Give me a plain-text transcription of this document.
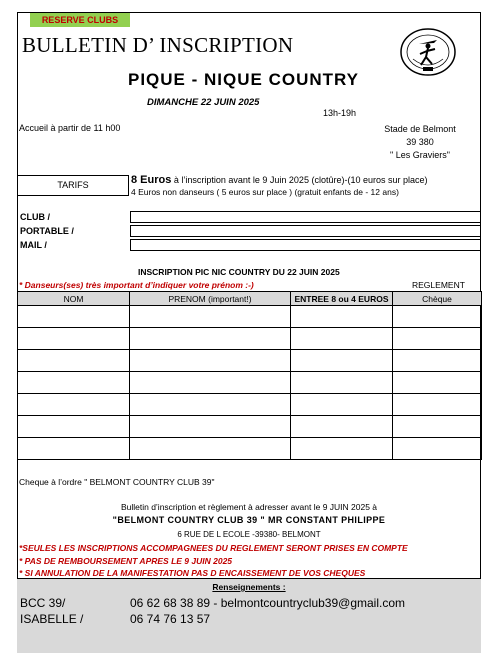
RESERVE CLUBS
BULLETIN D’ INSCRIPTION
PIQUE - NIQUE COUNTRY
DIMANCHE 22 JUIN 2025
13h-19h
Accueil à partir de 11 h00	Stade de Belmont
39 380
" Les Graviers"
TARIFS	8 Euros à l’inscription avant le 9 Juin 2025 (clotûre)-(10 euros sur place)
4 Euros non danseurs ( 5 euros sur place ) (gratuit enfants de - 12 ans)
CLUB /
PORTABLE /
MAIL /
INSCRIPTION PIC NIC COUNTRY DU 22 JUIN 2025
* Danseurs(ses) très important d’indiquer votre prénom :-)	REGLEMENT
NOM	PRENOM (important!)	ENTREE 8 ou 4 EUROS	Chèque

Cheque à l’ordre " BELMONT COUNTRY CLUB 39"
Bulletin d’inscription et règlement à adresser avant le 9 JUIN 2025 à
"BELMONT COUNTRY CLUB 39 " MR CONSTANT PHILIPPE
6 RUE DE L ECOLE -39380- BELMONT
*SEULES LES INSCRIPTIONS ACCOMPAGNEES DU REGLEMENT SERONT PRISES EN COMPTE
* PAS DE REMBOURSEMENT APRES LE 9 JUIN 2025
* SI ANNULATION DE LA MANIFESTATION PAS D ENCAISSEMENT DE VOS CHEQUES
Renseignements :
BCC 39/	06 62 68 38 89 - belmontcountryclub39@gmail.com
ISABELLE /	06 74 76 13 57
